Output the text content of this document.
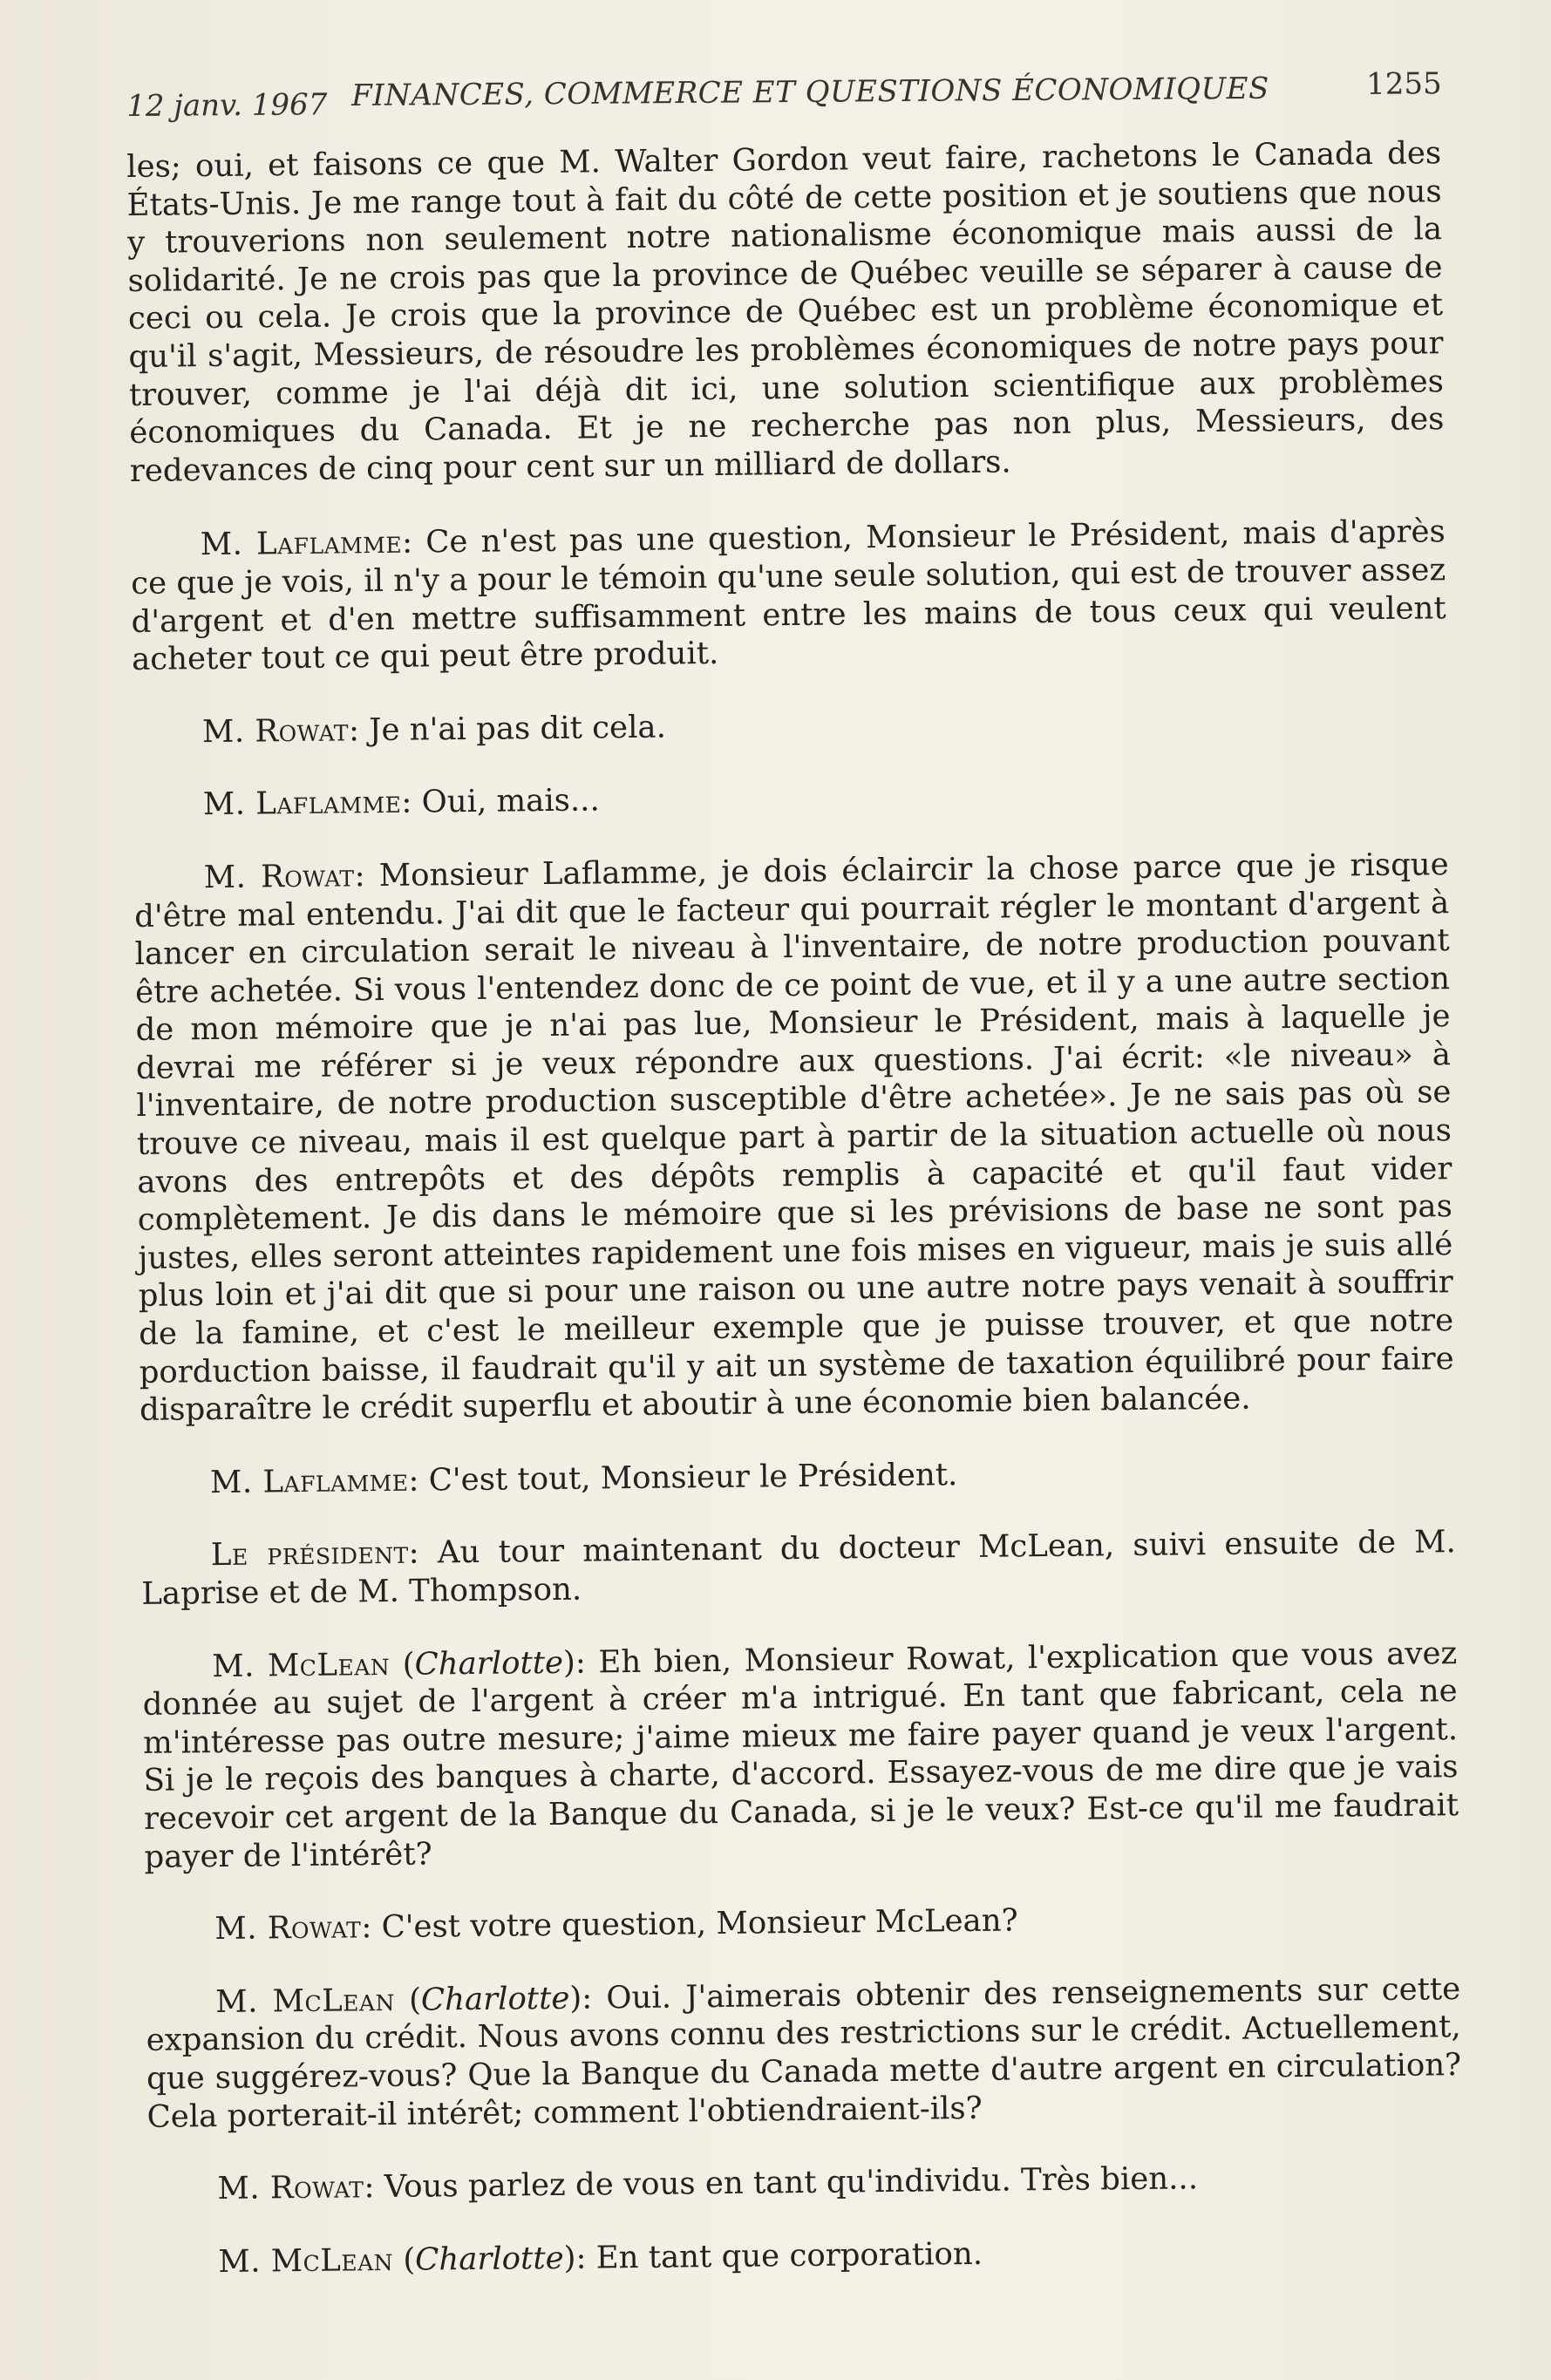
12 janv. 1967 FINANCES, COMMERCE ET QUESTIONS ÉCONOMIQUES	1255

les; oui, et faisons ce que M. Walter Gordon veut faire, rachetons le Canada des États-Unis. Je me range tout à fait du côté de cette position et je soutiens que nous y trouverions non seulement notre nationalisme économique mais aussi de la solidarité. Je ne crois pas que la province de Québec veuille se séparer à cause de ceci ou cela. Je crois que la province de Québec est un problème économique et qu'il s'agit, Messieurs, de résoudre les problèmes économiques de notre pays pour trouver, comme je l'ai déjà dit ici, une solution scientifique aux problèmes économiques du Canada. Et je ne recherche pas non plus, Messieurs, des redevances de cinq pour cent sur un milliard de dollars.

M. Laflamme: Ce n'est pas une question, Monsieur le Président, mais d'après ce que je vois, il n'y a pour le témoin qu'une seule solution, qui est de trouver assez d'argent et d'en mettre suffisamment entre les mains de tous ceux qui veulent acheter tout ce qui peut être produit.

M. Rowat: Je n'ai pas dit cela.

M. Laflamme: Oui, mais...

M. Rowat: Monsieur Laflamme, je dois éclaircir la chose parce que je risque d'être mal entendu. J'ai dit que le facteur qui pourrait régler le montant d'argent à lancer en circulation serait le niveau à l'inventaire, de notre production pouvant être achetée. Si vous l'entendez donc de ce point de vue, et il y a une autre section de mon mémoire que je n'ai pas lue, Monsieur le Président, mais à laquelle je devrai me référer si je veux répondre aux questions. J'ai écrit: «le niveau» à l'inventaire, de notre production susceptible d'être achetée». Je ne sais pas où se trouve ce niveau, mais il est quelque part à partir de la situation actuelle où nous avons des entrepôts et des dépôts remplis à capacité et qu'il faut vider complètement. Je dis dans le mémoire que si les prévisions de base ne sont pas justes, elles seront atteintes rapidement une fois mises en vigueur, mais je suis allé plus loin et j'ai dit que si pour une raison ou une autre notre pays venait à souffrir de la famine, et c'est le meilleur exemple que je puisse trouver, et que notre porduction baisse, il faudrait qu'il y ait un système de taxation équilibré pour faire disparaître le crédit superflu et aboutir à une économie bien balancée.

M. Laflamme: C'est tout, Monsieur le Président.

Le président: Au tour maintenant du docteur McLean, suivi ensuite de M. Laprise et de M. Thompson.

M. McLean (Charlotte): Eh bien, Monsieur Rowat, l'explication que vous avez donnée au sujet de l'argent à créer m'a intrigué. En tant que fabricant, cela ne m'intéresse pas outre mesure; j'aime mieux me faire payer quand je veux l'argent. Si je le reçois des banques à charte, d'accord. Essayez-vous de me dire que je vais recevoir cet argent de la Banque du Canada, si je le veux? Est-ce qu'il me faudrait payer de l'intérêt?

M. Rowat: C'est votre question, Monsieur McLean?

M. McLean (Charlotte): Oui. J'aimerais obtenir des renseignements sur cette expansion du crédit. Nous avons connu des restrictions sur le crédit. Actuellement, que suggérez-vous? Que la Banque du Canada mette d'autre argent en circulation? Cela porterait-il intérêt; comment l'obtiendraient-ils?

M. Rowat: Vous parlez de vous en tant qu'individu. Très bien...

M. McLean (Charlotte): En tant que corporation.
